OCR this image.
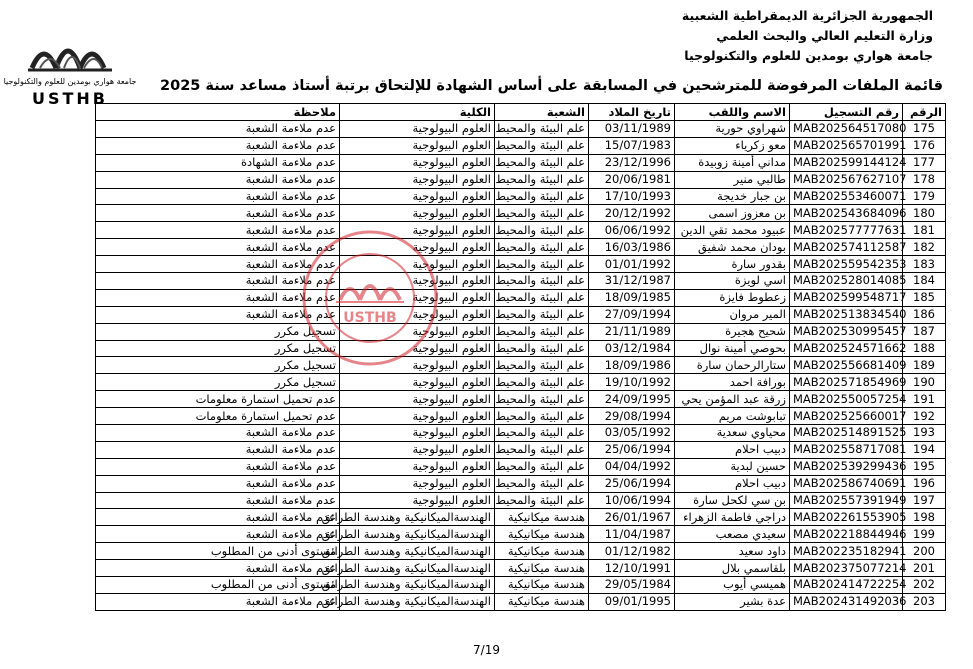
الجمهورية الجزائرية الديمقراطية الشعبية
وزارة التعليم العالي والبحث العلمي
جامعة هواري بومدين للعلوم والتكنولوجيا
جامعة هواري بومدين للعلوم والتكنولوجيا
USTHB
قائمة الملفات المرفوضة للمترشحين في المسابقة على أساس الشهادة للإلتحاق برتبة أستاذ مساعد سنة 2025
الرقم	رقم التسجيل	الاسم واللقب	تاريخ الملاد	الشعبة	الكلية	ملاحظة
175	MAB202564517080	شهراوي حورية	03/11/1989	علم البيئة والمحيط	العلوم البيولوجية	عدم ملاءمة الشعبة
176	MAB202565701991	معو زكرياء	15/07/1983	علم البيئة والمحيط	العلوم البيولوجية	عدم ملاءمة الشعبة
177	MAB202599144124	مداني أمينة زوبيدة	23/12/1996	علم البيئة والمحيط	العلوم البيولوجية	عدم ملاءمة الشهادة
178	MAB202567627107	طالبي منير	20/06/1981	علم البيئة والمحيط	العلوم البيولوجية	عدم ملاءمة الشعبة
179	MAB202553460071	بن جبار خديجة	17/10/1993	علم البيئة والمحيط	العلوم البيولوجية	عدم ملاءمة الشعبة
180	MAB202543684096	بن معزوز اسمى	20/12/1992	علم البيئة والمحيط	العلوم البيولوجية	عدم ملاءمة الشعبة
181	MAB202577777631	عبيود محمد تقي الدين	06/06/1992	علم البيئة والمحيط	العلوم البيولوجية	عدم ملاءمة الشعبة
182	MAB202574112587	بودان محمد شفيق	16/03/1986	علم البيئة والمحيط	العلوم البيولوجية	عدم ملاءمة الشعبة
183	MAB202559542353	بقدور سارة	01/01/1992	علم البيئة والمحيط	العلوم البيولوجية	عدم ملاءمة الشعبة
184	MAB202528014085	اسي لويزة	31/12/1987	علم البيئة والمحيط	العلوم البيولوجية	عدم ملاءمة الشعبة
185	MAB202599548717	زعطوط فايزة	18/09/1985	علم البيئة والمحيط	العلوم البيولوجية	عدم ملاءمة الشعبة
186	MAB202513834540	المير مروان	27/09/1994	علم البيئة والمحيط	العلوم البيولوجية	عدم ملاءمة الشعبة
187	MAB202530995457	شحيح هجيرة	21/11/1989	علم البيئة والمحيط	العلوم البيولوجية	تسجيل مكرر
188	MAB202524571662	بحوصي أمينة نوال	03/12/1984	علم البيئة والمحيط	العلوم البيولوجية	تسجيل مكرر
189	MAB202556681409	ستارالرحمان سارة	18/09/1986	علم البيئة والمحيط	العلوم البيولوجية	تسجيل مكرر
190	MAB202571854969	بورافة احمد	19/10/1992	علم البيئة والمحيط	العلوم البيولوجية	تسجيل مكرر
191	MAB202550057254	زرقة عبد المؤمن يحي	24/09/1995	علم البيئة والمحيط	العلوم البيولوجية	عدم تحميل استمارة معلومات
192	MAB202525660017	تبابوشت مريم	29/08/1994	علم البيئة والمحيط	العلوم البيولوجية	عدم تحميل استمارة معلومات
193	MAB202514891525	محياوي سعدية	03/05/1992	علم البيئة والمحيط	العلوم البيولوجية	عدم ملاءمة الشعبة
194	MAB202558717081	دبيب احلام	25/06/1994	علم البيئة والمحيط	العلوم البيولوجية	عدم ملاءمة الشعبة
195	MAB202539299436	حسين لبدية	04/04/1992	علم البيئة والمحيط	العلوم البيولوجية	عدم ملاءمة الشعبة
196	MAB202586740691	دبيب احلام	25/06/1994	علم البيئة والمحيط	العلوم البيولوجية	عدم ملاءمة الشعبة
197	MAB202557391949	بن سي لكحل سارة	10/06/1994	علم البيئة والمحيط	العلوم البيولوجية	عدم ملاءمة الشعبة
198	MAB202261553905	دراجي فاطمة الزهراء	26/01/1967	هندسة ميكانيكية	الهندسةالميكانيكية وهندسة الطرائق	عدم ملاءمة الشعبة
199	MAB202218844946	سعيدي مصعب	11/04/1987	هندسة ميكانيكية	الهندسةالميكانيكية وهندسة الطرائق	عدم ملاءمة الشعبة
200	MAB202235182941	داود سعيد	01/12/1982	هندسة ميكانيكية	الهندسةالميكانيكية وهندسة الطرائق	مستوى أدنى من المطلوب
201	MAB202375077214	بلقاسمي بلال	12/10/1991	هندسة ميكانيكية	الهندسةالميكانيكية وهندسة الطرائق	عدم ملاءمة الشعبة
202	MAB202414722254	هميسي أيوب	29/05/1984	هندسة ميكانيكية	الهندسةالميكانيكية وهندسة الطرائق	مستوى أدنى من المطلوب
203	MAB202431492036	عدة بشير	09/01/1995	هندسة ميكانيكية	الهندسةالميكانيكية وهندسة الطرائق	عدم ملاءمة الشعبة
USTHB
7/19
